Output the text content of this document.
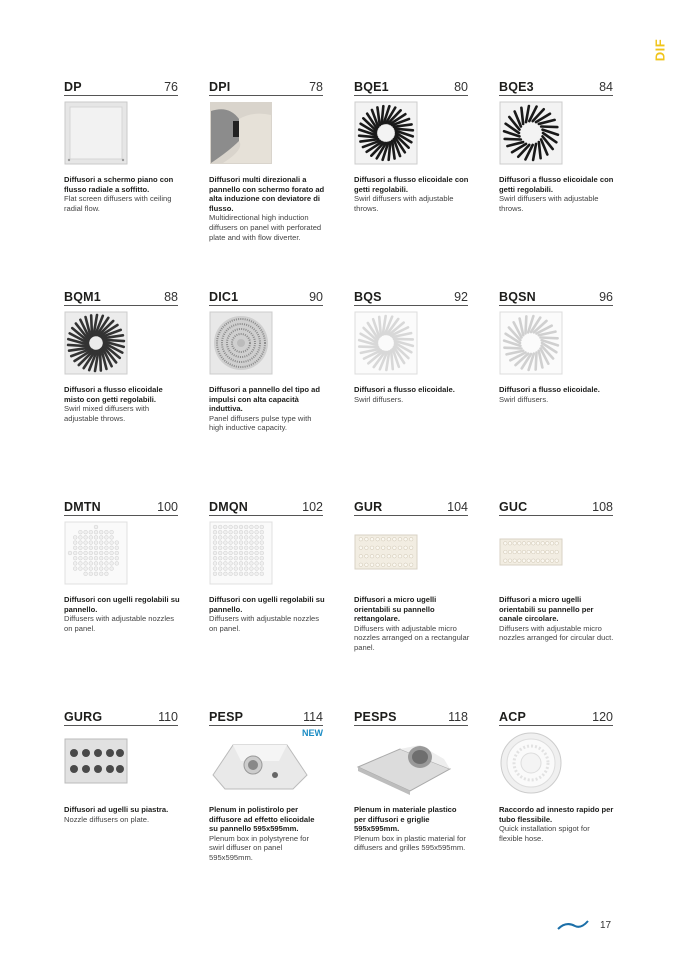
DIF
DP	76
Diffusori a schermo piano con flusso radiale a soffitto.
Flat screen diffusers with ceiling radial flow.
DPI	78
Diffusori multi direzionali a pannello con schermo forato ad alta induzione con deviatore di flusso.
Multidirectional high induction diffusers on panel with perforated plate and with flow diverter.
BQE1	80
Diffusori a flusso elicoidale con getti regolabili.
Swirl diffusers with adjustable throws.
BQE3	84
Diffusori a flusso elicoidale con getti regolabili.
Swirl diffusers with adjustable throws.
BQM1	88
Diffusori a flusso elicoidale misto con getti regolabili.
Swirl mixed diffusers with adjustable throws.
DIC1	90
Diffusori a pannello del tipo ad impulsi con alta capacità induttiva.
Panel diffusers pulse type with high inductive capacity.
BQS	92
Diffusori a flusso elicoidale.
Swirl diffusers.
BQSN	96
Diffusori a flusso elicoidale.
Swirl diffusers.
DMTN	100
Diffusori con ugelli regolabili su pannello.
Diffusers with adjustable nozzles on panel.
DMQN	102
Diffusori con ugelli regolabili su pannello.
Diffusers with adjustable nozzles on panel.
GUR	104
Diffusori a micro ugelli orientabili su pannello rettangolare.
Diffusers with adjustable micro nozzles arranged on a rectangular panel.
GUC	108
Diffusori a micro ugelli orientabili su pannello per canale circolare.
Diffusers with adjustable micro nozzles arranged for circular duct.
GURG	110
Diffusori ad ugelli su piastra.
Nozzle diffusers on plate.
PESP	114
NEW
Plenum in polistirolo per diffusore ad effetto elicoidale su pannello 595x595mm.
Plenum box in polystyrene for swirl diffuser on panel 595x595mm.
PESPS	118
Plenum in materiale plastico per diffusori e griglie 595x595mm.
Plenum box in plastic material for diffusers and grilles 595x595mm.
ACP	120
Raccordo ad innesto rapido per tubo flessibile.
Quick installation spigot for flexible hose.
17
